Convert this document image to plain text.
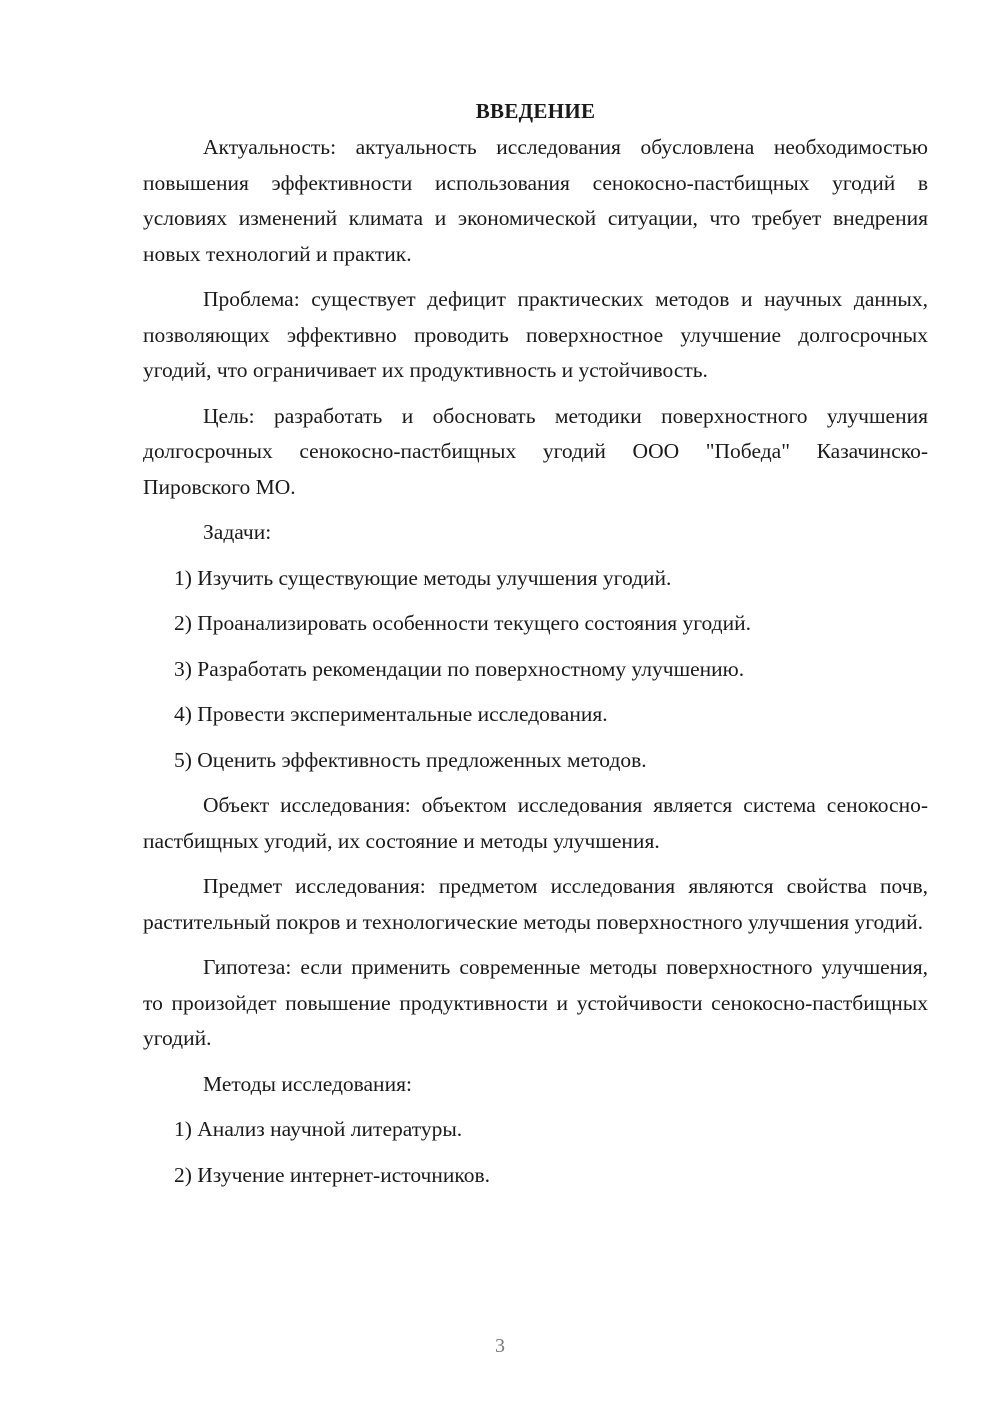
ВВЕДЕНИЕ

Актуальность: актуальность исследования обусловлена необходимостью повышения эффективности использования сенокосно-пастбищных угодий в условиях изменений климата и экономической ситуации, что требует внедрения новых технологий и практик.

Проблема: существует дефицит практических методов и научных данных, позволяющих эффективно проводить поверхностное улучшение долгосрочных угодий, что ограничивает их продуктивность и устойчивость.

Цель: разработать и обосновать методики поверхностного улучшения долгосрочных сенокосно-пастбищных угодий ООО "Победа" Казачинско-Пировского МО.

Задачи:

1) Изучить существующие методы улучшения угодий.
2) Проанализировать особенности текущего состояния угодий.
3) Разработать рекомендации по поверхностному улучшению.
4) Провести экспериментальные исследования.
5) Оценить эффективность предложенных методов.

Объект исследования: объектом исследования является система сенокосно-пастбищных угодий, их состояние и методы улучшения.

Предмет исследования: предметом исследования являются свойства почв, растительный покров и технологические методы поверхностного улучшения угодий.

Гипотеза: если применить современные методы поверхностного улучшения, то произойдет повышение продуктивности и устойчивости сенокосно-пастбищных угодий.

Методы исследования:

1) Анализ научной литературы.
2) Изучение интернет-источников.
3
